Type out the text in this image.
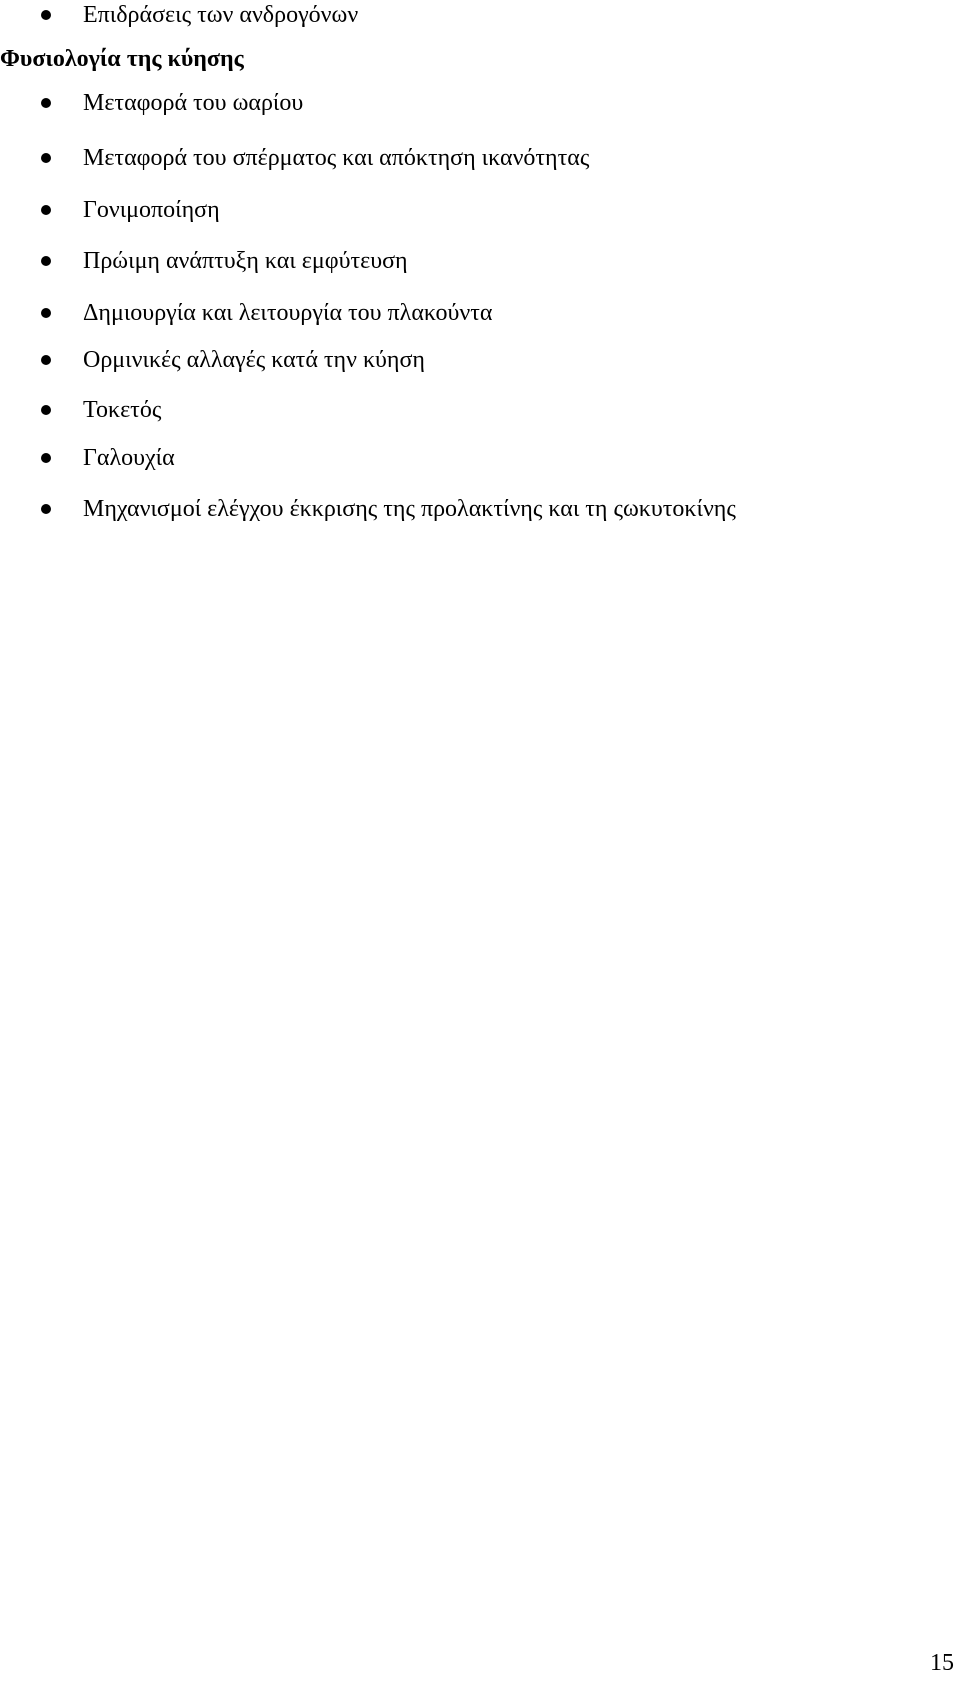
Επιδράσεις των ανδρογόνων
Φυσιολογία της κύησης
Μεταφορά του ωαρίου
Μεταφορά του σπέρματος και απόκτηση ικανότητας
Γονιμοποίηση
Πρώιμη ανάπτυξη και εμφύτευση
Δημιουργία και λειτουργία του πλακούντα
Ορμινικές αλλαγές κατά την κύηση
Τοκετός
Γαλουχία
Μηχανισμοί ελέγχου έκκρισης της προλακτίνης και τη ςωκυτοκίνης
15
